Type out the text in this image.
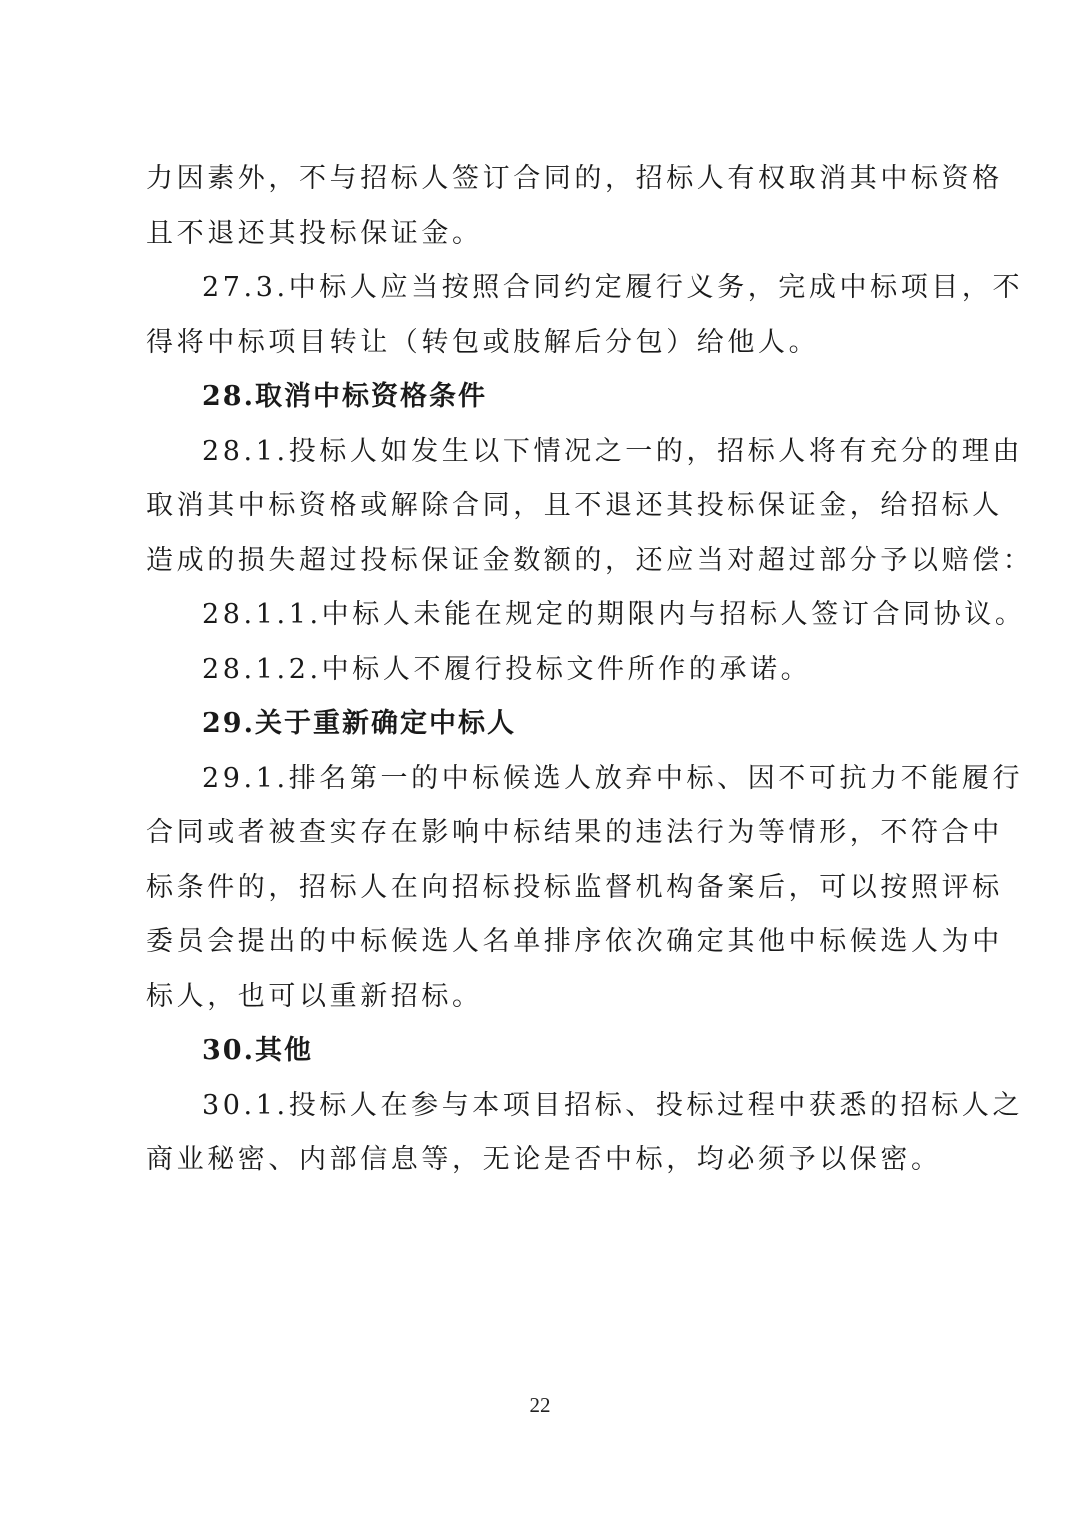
力因素外，不与招标人签订合同的，招标人有权取消其中标资格
且不退还其投标保证金。
27.3.中标人应当按照合同约定履行义务，完成中标项目，不
得将中标项目转让（转包或肢解后分包）给他人。
28.取消中标资格条件
28.1.投标人如发生以下情况之一的，招标人将有充分的理由
取消其中标资格或解除合同，且不退还其投标保证金，给招标人
造成的损失超过投标保证金数额的，还应当对超过部分予以赔偿：
28.1.1.中标人未能在规定的期限内与招标人签订合同协议。
28.1.2.中标人不履行投标文件所作的承诺。
29.关于重新确定中标人
29.1.排名第一的中标候选人放弃中标、因不可抗力不能履行
合同或者被查实存在影响中标结果的违法行为等情形，不符合中
标条件的，招标人在向招标投标监督机构备案后，可以按照评标
委员会提出的中标候选人名单排序依次确定其他中标候选人为中
标人，也可以重新招标。
30.其他
30.1.投标人在参与本项目招标、投标过程中获悉的招标人之
商业秘密、内部信息等，无论是否中标，均必须予以保密。
22
